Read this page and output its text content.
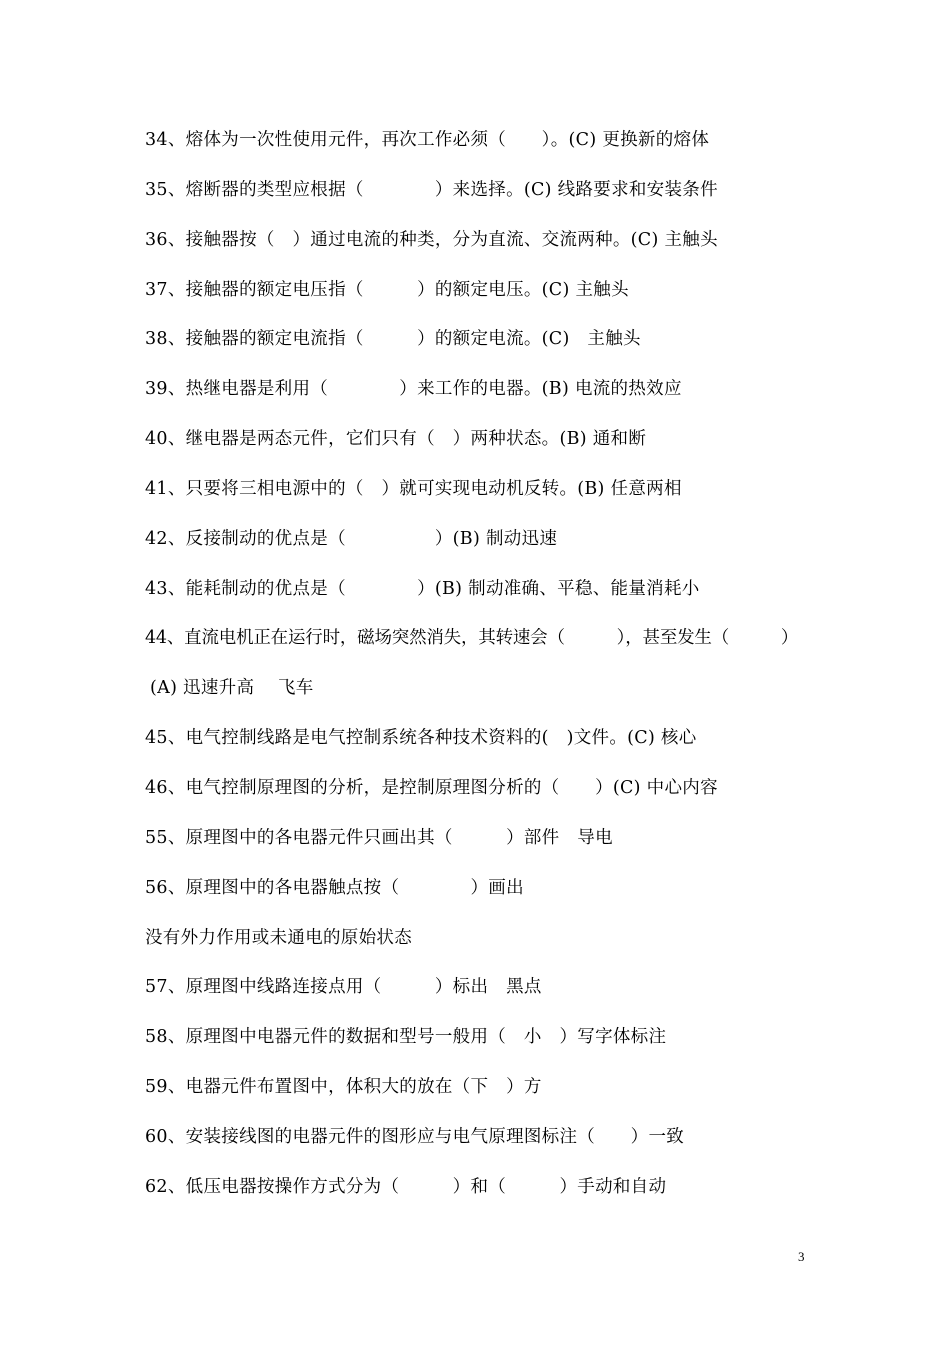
34、熔体为一次性使用元件，再次工作必须（　　）。(C) 更换新的熔体
35、熔断器的类型应根据（　　　　）来选择。(C) 线路要求和安装条件
36、接触器按（　）通过电流的种类，分为直流、交流两种。(C) 主触头
37、接触器的额定电压指（　　　）的额定电压。(C) 主触头
38、接触器的额定电流指（　　　）的额定电流。(C)　主触头
39、热继电器是利用（　　　　）来工作的电器。(B) 电流的热效应
40、继电器是两态元件，它们只有（　）两种状态。(B) 通和断
41、只要将三相电源中的（　）就可实现电动机反转。(B) 任意两相
42、反接制动的优点是（　　　　　）(B) 制动迅速
43、能耗制动的优点是（　　　　）(B) 制动准确、平稳、能量消耗小
44、直流电机正在运行时，磁场突然消失，其转速会（　　　），甚至发生（　　　）
(A) 迅速升高　 飞车
45、电气控制线路是电气控制系统各种技术资料的(　)文件。(C) 核心
46、电气控制原理图的分析，是控制原理图分析的（　　）(C) 中心内容
55、原理图中的各电器元件只画出其（　　　）部件　导电
56、原理图中的各电器触点按（　　　　）画出
没有外力作用或未通电的原始状态
57、原理图中线路连接点用（　　　）标出　黑点
58、原理图中电器元件的数据和型号一般用（　小　）写字体标注
59、电器元件布置图中，体积大的放在（下　）方
60、安装接线图的电器元件的图形应与电气原理图标注（　　）一致
62、低压电器按操作方式分为（　　　）和（　　　）手动和自动
3
